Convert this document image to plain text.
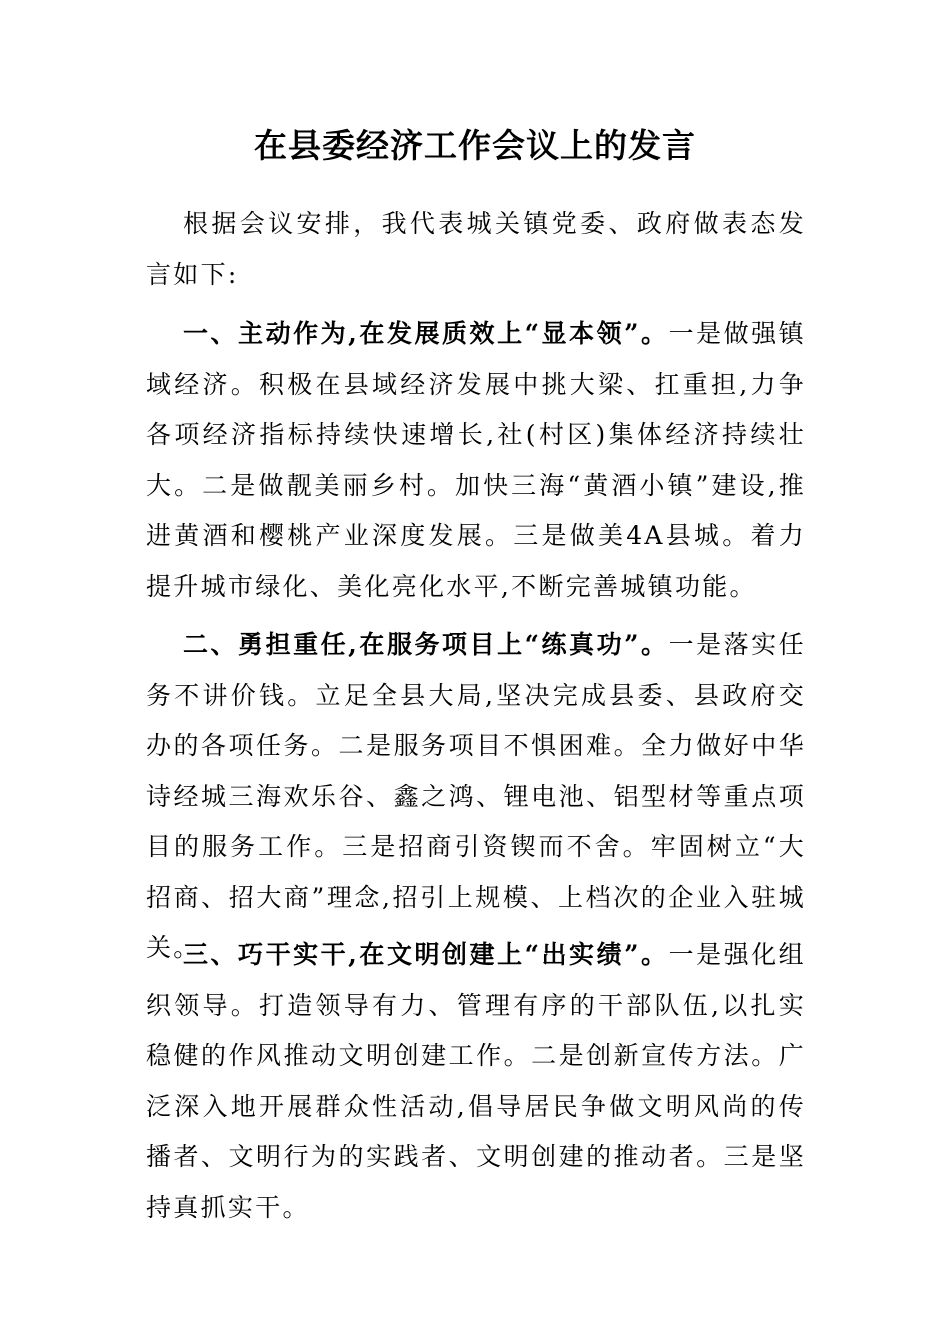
在县委经济工作会议上的发言

根据会议安排，我代表城关镇党委、政府做表态发言如下:

一、主动作为,在发展质效上“显本领”。一是做强镇域经济。积极在县域经济发展中挑大梁、扛重担,力争各项经济指标持续快速增长,社(村区)集体经济持续壮大。二是做靓美丽乡村。加快三海“黄酒小镇”建设,推进黄酒和樱桃产业深度发展。三是做美4A县城。着力提升城市绿化、美化亮化水平,不断完善城镇功能。

二、勇担重任,在服务项目上“练真功”。一是落实任务不讲价钱。立足全县大局,坚决完成县委、县政府交办的各项任务。二是服务项目不惧困难。全力做好中华诗经城三海欢乐谷、鑫之鸿、锂电池、铝型材等重点项目的服务工作。三是招商引资锲而不舍。牢固树立“大招商、招大商”理念,招引上规模、上档次的企业入驻城关。

三、巧干实干,在文明创建上“出实绩”。一是强化组织领导。打造领导有力、管理有序的干部队伍,以扎实稳健的作风推动文明创建工作。二是创新宣传方法。广泛深入地开展群众性活动,倡导居民争做文明风尚的传播者、文明行为的实践者、文明创建的推动者。三是坚持真抓实干。
